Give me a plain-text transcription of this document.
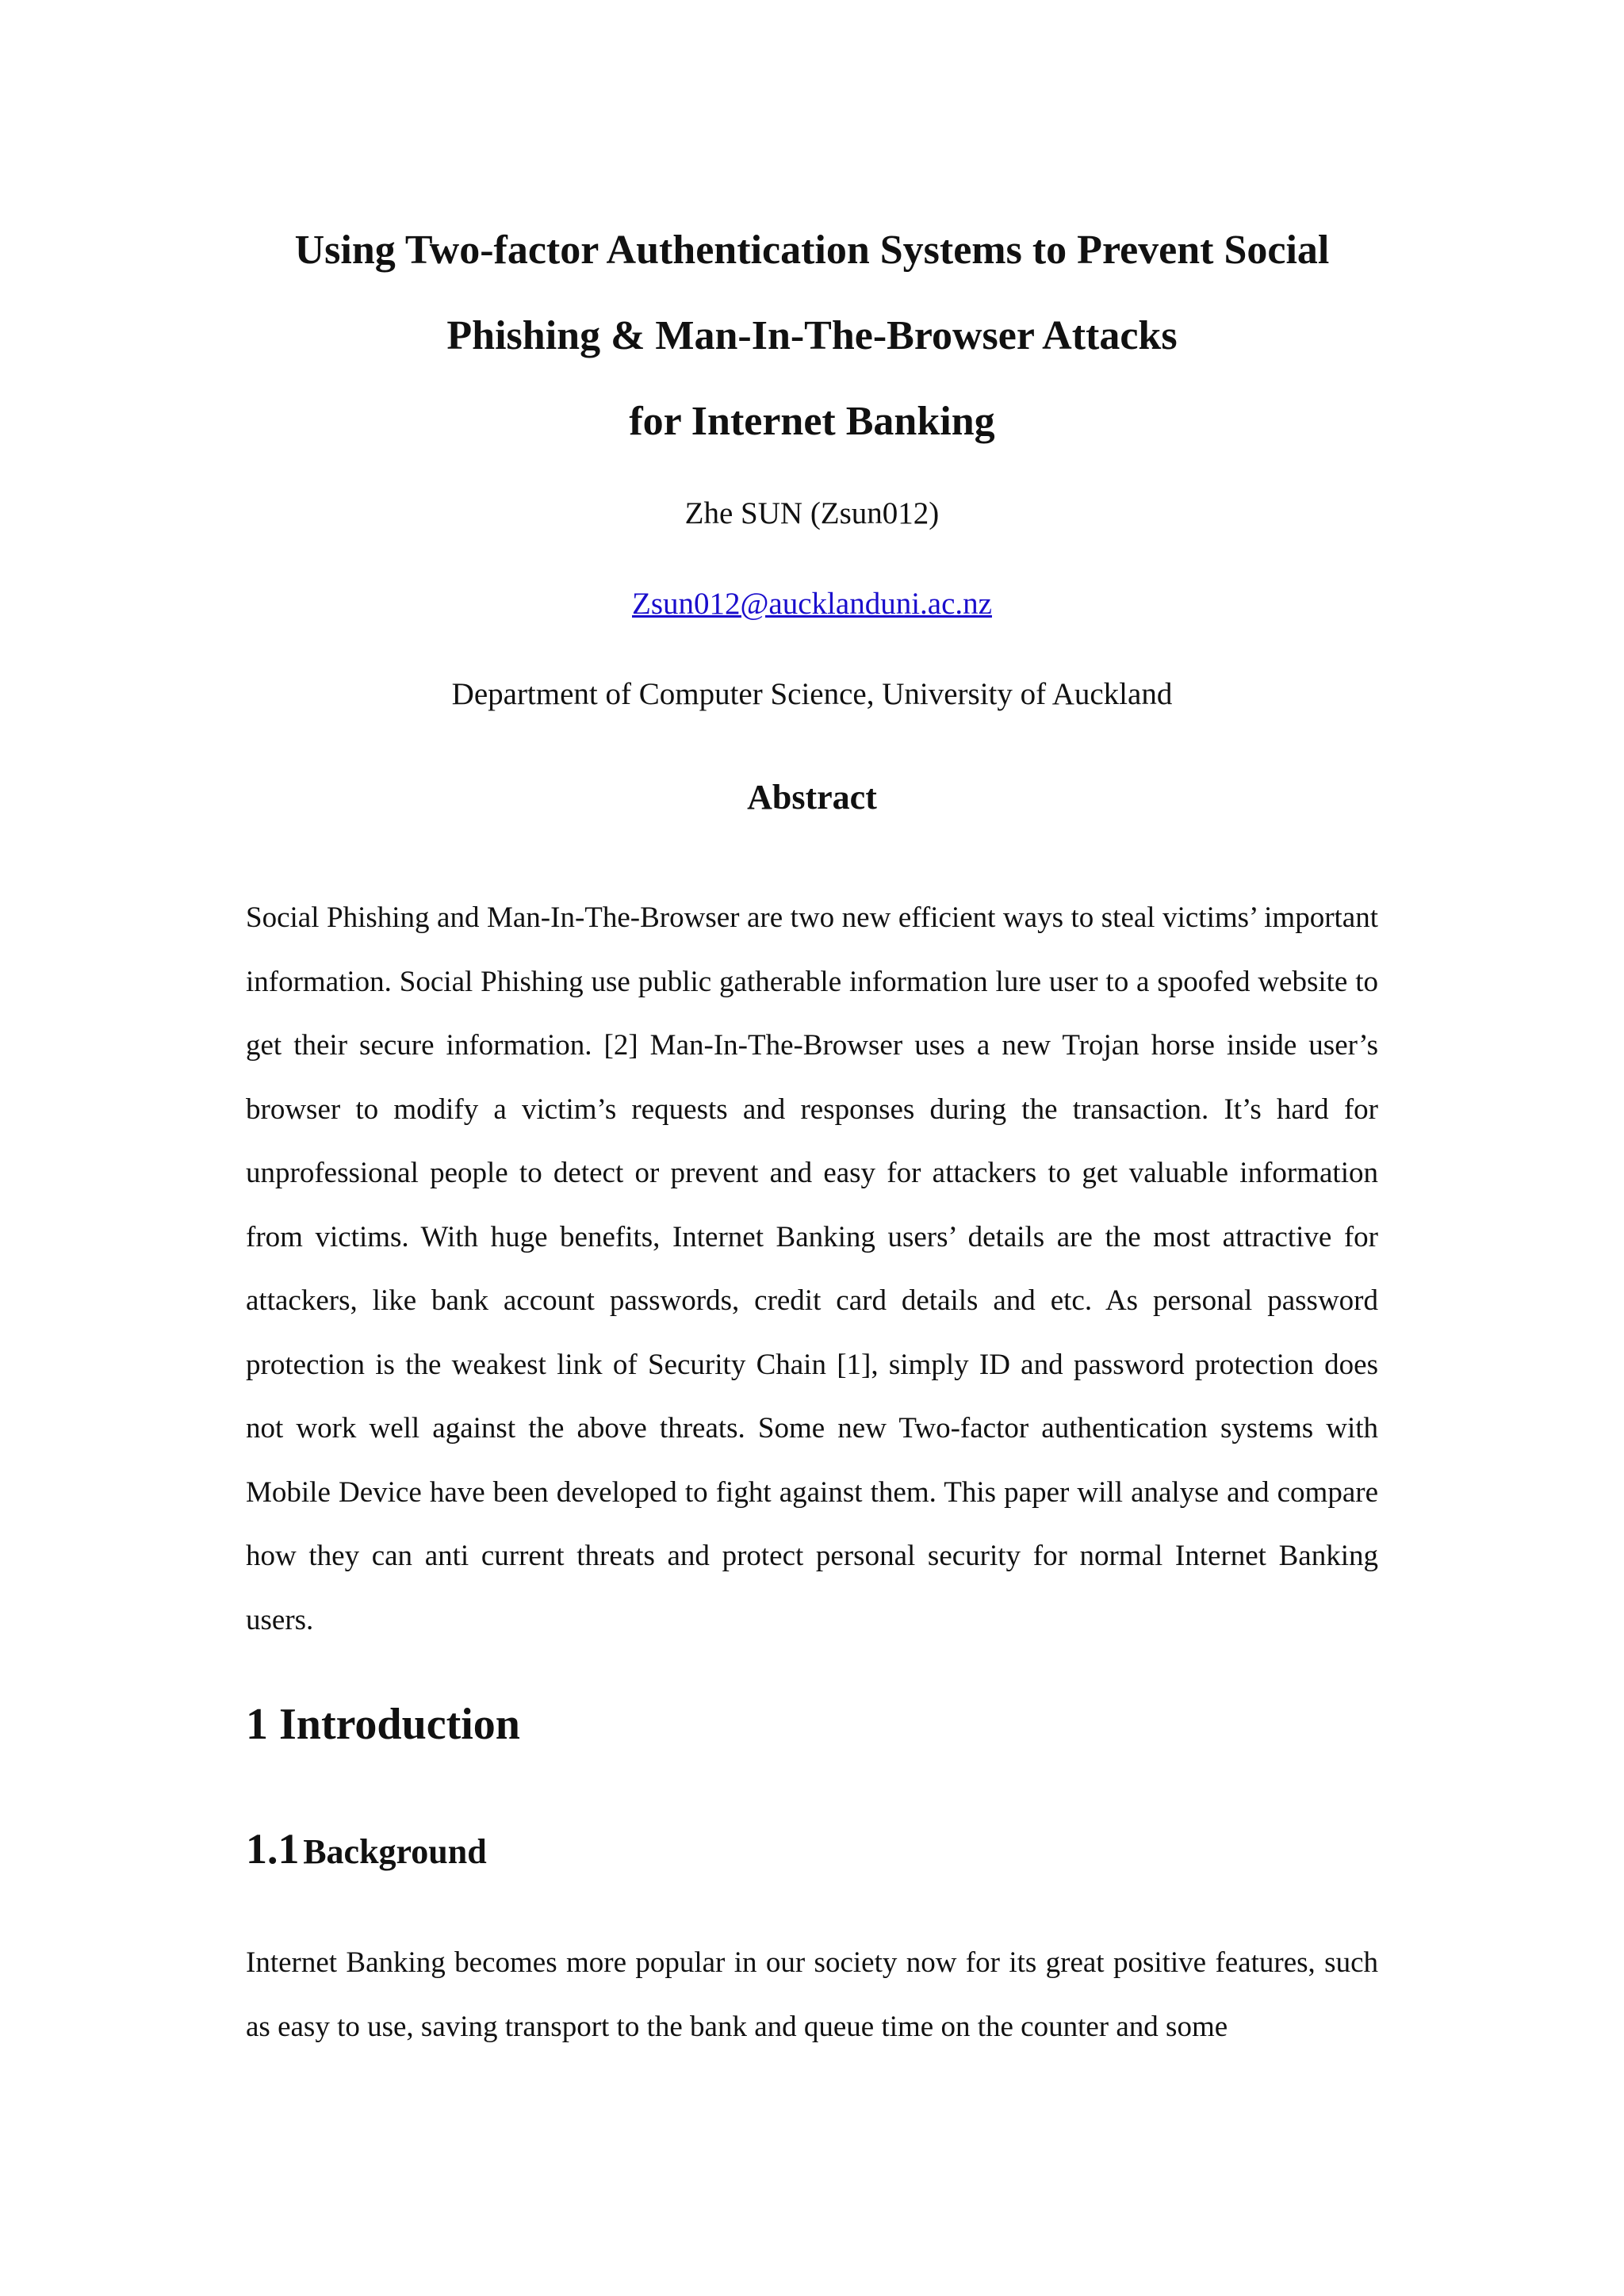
Using Two-factor Authentication Systems to Prevent Social
Phishing & Man-In-The-Browser Attacks
for Internet Banking

Zhe SUN (Zsun012)

Zsun012@aucklanduni.ac.nz

Department of Computer Science, University of Auckland

Abstract

Social Phishing and Man-In-The-Browser are two new efficient ways to steal victims’ important information. Social Phishing use public gatherable information lure user to a spoofed website to get their secure information. [2] Man-In-The-Browser uses a new Trojan horse inside user’s browser to modify a victim’s requests and responses during the transaction. It’s hard for unprofessional people to detect or prevent and easy for attackers to get valuable information from victims. With huge benefits, Internet Banking users’ details are the most attractive for attackers, like bank account passwords, credit card details and etc. As personal password protection is the weakest link of Security Chain [1], simply ID and password protection does not work well against the above threats. Some new Two-factor authentication systems with Mobile Device have been developed to fight against them. This paper will analyse and compare how they can anti current threats and protect personal security for normal Internet Banking users.

1 Introduction
1.1 Background

Internet Banking becomes more popular in our society now for its great positive features, such as easy to use, saving transport to the bank and queue time on the counter and some
